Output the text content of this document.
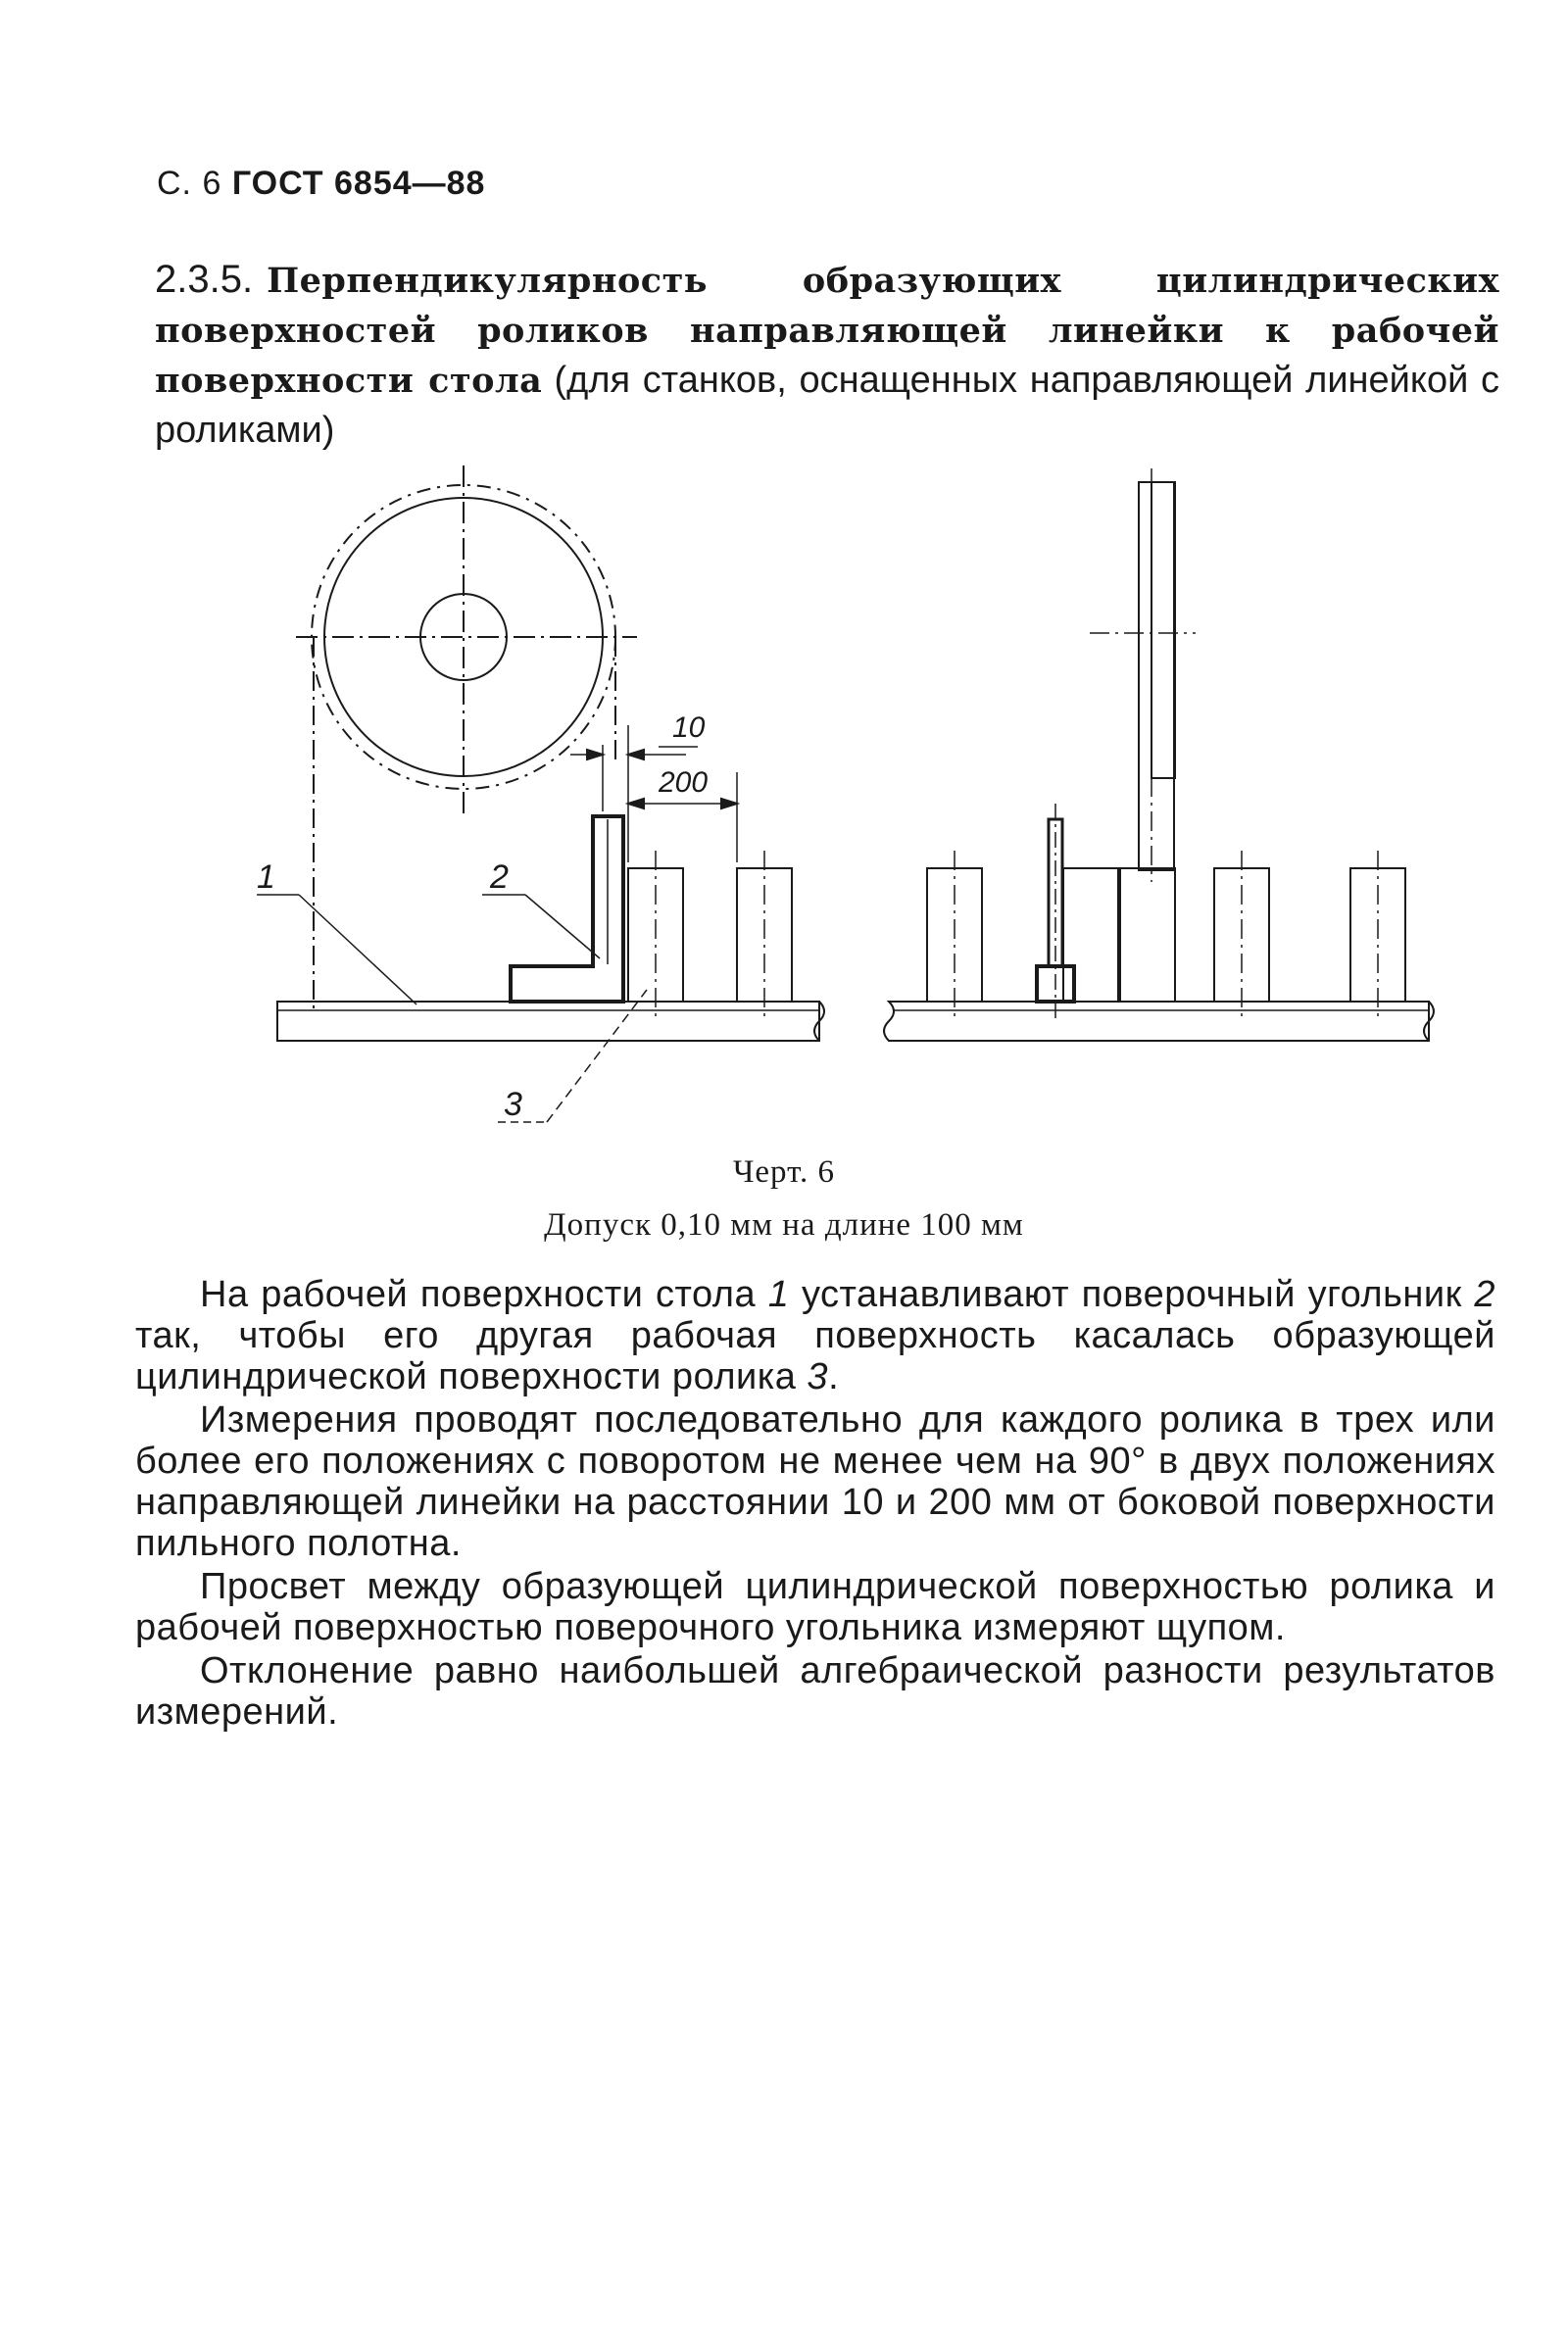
С. 6 ГОСТ 6854—88
2.3.5. Перпендикулярность образующих цилиндрических поверхностей роликов направляющей линейки к рабочей поверхности стола (для станков, оснащенных направляющей линейкой с роликами)
10
200
1	2
3
Черт. 6
Допуск 0,10 мм на длине 100 мм

На рабочей поверхности стола 1 устанавливают поверочный угольник 2 так, чтобы его другая рабочая поверхность касалась образующей цилиндрической поверхности ролика 3.

Измерения проводят последовательно для каждого ролика в трех или более его положениях с поворотом не менее чем на 90° в двух положениях направляющей линейки на расстоянии 10 и 200 мм от боковой поверхности пильного полотна.

Просвет между образующей цилиндрической поверхностью ролика и рабочей поверхностью поверочного угольника измеряют щупом.

Отклонение равно наибольшей алгебраической разности результатов измерений.
